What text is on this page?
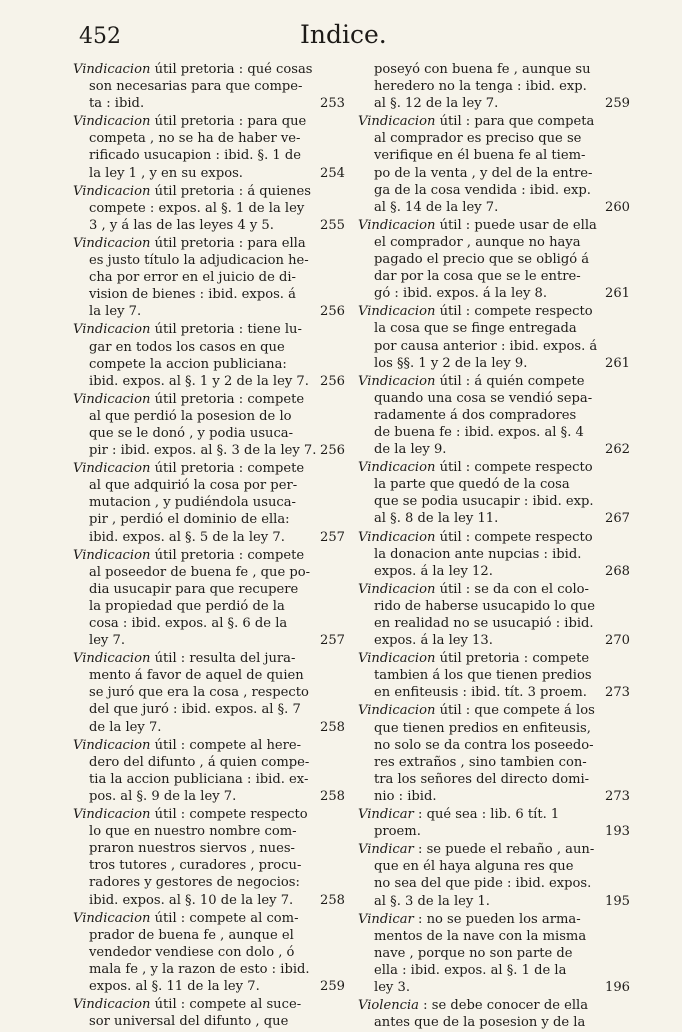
452	Indice.
Vindicacion útil pretoria : qué cosas
son necesarias para que compe-
ta : ibid.	253
Vindicacion útil pretoria : para que
competa , no se ha de haber ve-
rificado usucapion : ibid. §. 1 de
la ley 1 , y en su expos.	254
Vindicacion útil pretoria : á quienes
compete : expos. al §. 1 de la ley
3 , y á las de las leyes 4 y 5.	255
Vindicacion útil pretoria : para ella
es justo título la adjudicacion he-
cha por error en el juicio de di-
vision de bienes : ibid. expos. á
la ley 7.	256
Vindicacion útil pretoria : tiene lu-
gar en todos los casos en que
compete la accion publiciana:
ibid. expos. al §. 1 y 2 de la ley 7. 256
Vindicacion útil pretoria : compete
al que perdió la posesion de lo
que se le donó , y podia usuca-
pir : ibid. expos. al §. 3 de la ley 7. 256
Vindicacion útil pretoria : compete
al que adquirió la cosa por per-
mutacion , y pudiéndola usuca-
pir , perdió el dominio de ella:
ibid. expos. al §. 5 de la ley 7.	257
Vindicacion útil pretoria : compete
al poseedor de buena fe , que po-
dia usucapir para que recupere
la propiedad que perdió de la
cosa : ibid. expos. al §. 6 de la
ley 7.	257
Vindicacion útil : resulta del jura-
mento á favor de aquel de quien
se juró que era la cosa , respecto
del que juró : ibid. expos. al §. 7
de la ley 7.	258
Vindicacion útil : compete al here-
dero del difunto , á quien compe-
tia la accion publiciana : ibid. ex-
pos. al §. 9 de la ley 7.	258
Vindicacion útil : compete respecto
lo que en nuestro nombre com-
praron nuestros siervos , nues-
tros tutores , curadores , procu-
radores y gestores de negocios:
ibid. expos. al §. 10 de la ley 7. 258
Vindicacion útil : compete al com-
prador de buena fe , aunque el
vendedor vendiese con dolo , ó
mala fe , y la razon de esto : ibid.
expos. al §. 11 de la ley 7.	259
Vindicacion útil : compete al suce-
sor universal del difunto , que
poseyó con buena fe , aunque su
heredero no la tenga : ibid. exp.
al §. 12 de la ley 7.	259
Vindicacion útil : para que competa
al comprador es preciso que se
verifique en él buena fe al tiem-
po de la venta , y del de la entre-
ga de la cosa vendida : ibid. exp.
al §. 14 de la ley 7.	260
Vindicacion útil : puede usar de ella
el comprador , aunque no haya
pagado el precio que se obligó á
dar por la cosa que se le entre-
gó : ibid. expos. á la ley 8.	261
Vindicacion útil : compete respecto
la cosa que se finge entregada
por causa anterior : ibid. expos. á
los §§. 1 y 2 de la ley 9.	261
Vindicacion útil : á quién compete
quando una cosa se vendió sepa-
radamente á dos compradores
de buena fe : ibid. expos. al §. 4
de la ley 9.	262
Vindicacion útil : compete respecto
la parte que quedó de la cosa
que se podia usucapir : ibid. exp.
al §. 8 de la ley 11.	267
Vindicacion útil : compete respecto
la donacion ante nupcias : ibid.
expos. á la ley 12.	268
Vindicacion útil : se da con el colo-
rido de haberse usucapido lo que
en realidad no se usucapió : ibid.
expos. á la ley 13.	270
Vindicacion útil pretoria : compete
tambien á los que tienen predios
en enfiteusis : ibid. tít. 3 proem. 273
Vindicacion útil : que compete á los
que tienen predios en enfiteusis,
no solo se da contra los poseedo-
res extraños , sino tambien con-
tra los señores del directo domi-
nio : ibid.	273
Vindicar : qué sea : lib. 6 tít. 1
proem.	193
Vindicar : se puede el rebaño , aun-
que en él haya alguna res que
no sea del que pide : ibid. expos.
al §. 3 de la ley 1.	195
Vindicar : no se pueden los arma-
mentos de la nave con la misma
nave , porque no son parte de
ella : ibid. expos. al §. 1 de la
ley 3.	196
Violencia : se debe conocer de ella
antes que de la posesion y de la
